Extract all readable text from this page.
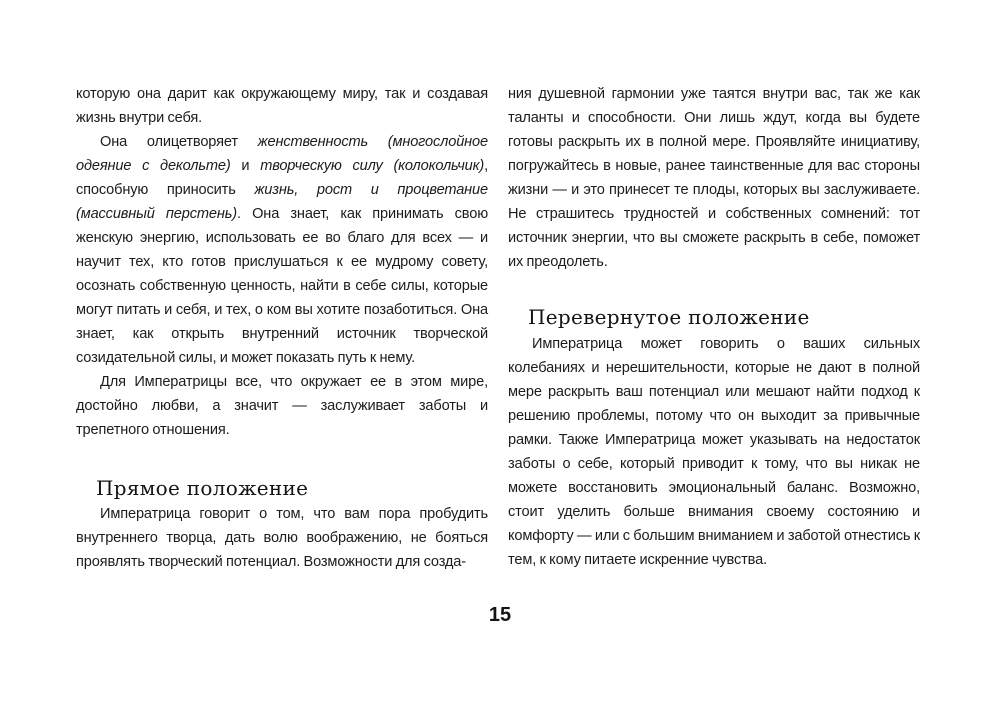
которую она дарит как окружающему миру, так и создавая жизнь внутри себя.

Она олицетворяет женственность (многослойное одеяние с декольте) и творческую силу (колокольчик), способную приносить жизнь, рост и процветание (массивный перстень). Она знает, как принимать свою женскую энергию, использовать ее во благо для всех — и научит тех, кто готов прислушаться к ее мудрому совету, осознать собственную ценность, найти в себе силы, которые могут питать и себя, и тех, о ком вы хотите позаботиться. Она знает, как открыть внутренний источник творческой созидательной силы, и может показать путь к нему.

Для Императрицы все, что окружает ее в этом мире, достойно любви, а значит — заслуживает заботы и трепетного отношения.

Прямое положение

Императрица говорит о том, что вам пора пробудить внутреннего творца, дать волю воображению, не бояться проявлять творческий потенциал. Возможности для созда-

ния душевной гармонии уже таятся внутри вас, так же как таланты и способности. Они лишь ждут, когда вы будете готовы раскрыть их в полной мере. Проявляйте инициативу, погружайтесь в новые, ранее таинственные для вас стороны жизни — и это принесет те плоды, которых вы заслуживаете. Не страшитесь трудностей и собственных сомнений: тот источник энергии, что вы сможете раскрыть в себе, поможет их преодолеть.

Перевернутое положение

Императрица может говорить о ваших сильных колебаниях и нерешительности, которые не дают в полной мере раскрыть ваш потенциал или мешают найти подход к решению проблемы, потому что он выходит за привычные рамки. Также Императрица может указывать на недостаток заботы о себе, который приводит к тому, что вы никак не можете восстановить эмоциональный баланс. Возможно, стоит уделить больше внимания своему состоянию и комфорту — или с большим вниманием и заботой отнестись к тем, к кому питаете искренние чувства.

15
